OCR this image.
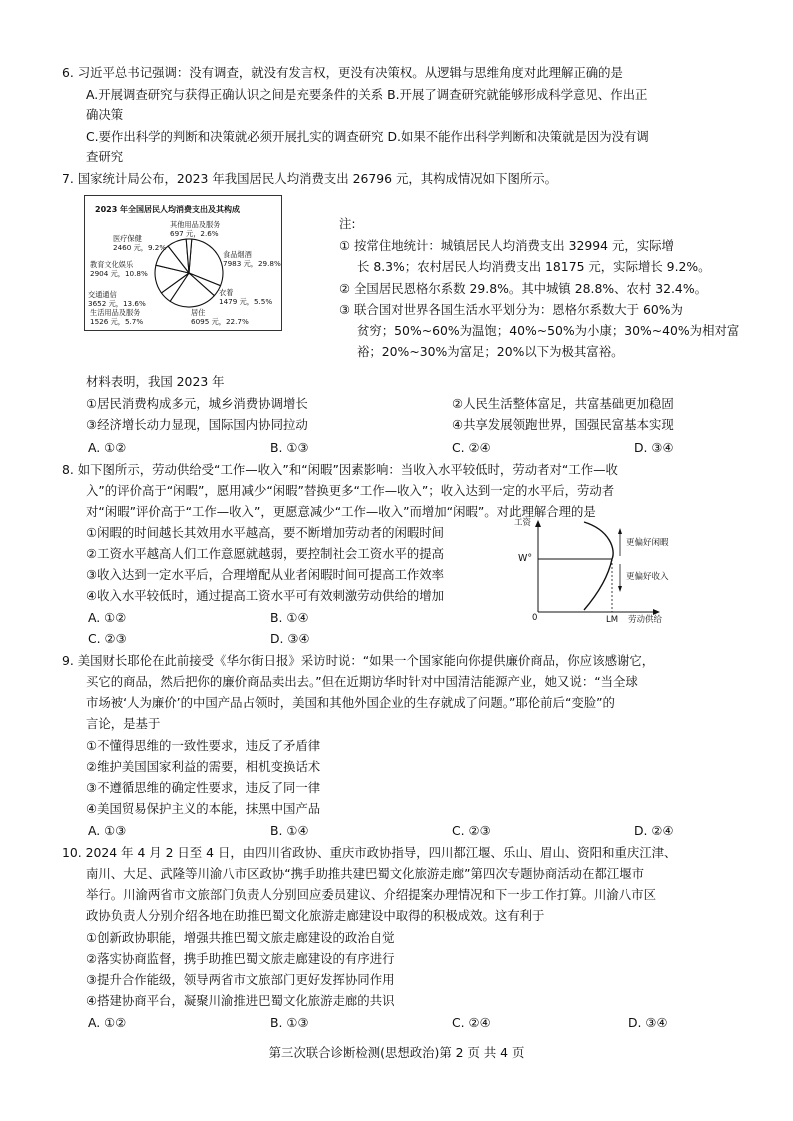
6. 习近平总书记强调：没有调查，就没有发言权，更没有决策权。从逻辑与思维角度对此理解正确的是
A.开展调查研究与获得正确认识之间是充要条件的关系 B.开展了调查研究就能够形成科学意见、作出正
确决策
C.要作出科学的判断和决策就必须开展扎实的调查研究 D.如果不能作出科学判断和决策就是因为没有调
查研究
7. 国家统计局公布，2023 年我国居民人均消费支出 26796 元，其构成情况如下图所示。
2023 年全国居民人均消费支出及其构成
其他用品及服务
697 元，2.6%
医疗保健
2460 元，9.2%
教育文化娱乐
2904 元，10.8%
食品烟酒
7983 元，29.8%
交通通信
3652 元，13.6%
衣着
1479 元，5.5%
生活用品及服务
1526 元，5.7%
居住
6095 元，22.7%
注:
① 按常住地统计：城镇居民人均消费支出 32994 元，实际增
长 8.3%；农村居民人均消费支出 18175 元，实际增长 9.2%。
② 全国居民恩格尔系数 29.8%。其中城镇 28.8%、农村 32.4%。
③ 联合国对世界各国生活水平划分为：恩格尔系数大于 60%为
贫穷；50%~60%为温饱；40%~50%为小康；30%~40%为相对富
裕；20%~30%为富足；20%以下为极其富裕。
材料表明，我国 2023 年
①居民消费构成多元，城乡消费协调增长	②人民生活整体富足，共富基础更加稳固
③经济增长动力显现，国际国内协同拉动	④共享发展领跑世界，国强民富基本实现
A. ①②	B. ①③	C. ②④	D. ③④
8. 如下图所示，劳动供给受“工作—收入”和“闲暇”因素影响：当收入水平较低时，劳动者对“工作—收
入”的评价高于“闲暇”，愿用减少“闲暇”替换更多“工作—收入”；收入达到一定的水平后，劳动者
对“闲暇”评价高于“工作—收入”，更愿意减少“工作—收入”而增加“闲暇”。对此理解合理的是
①闲暇的时间越长其效用水平越高，要不断增加劳动者的闲暇时间
②工资水平越高人们工作意愿就越弱，要控制社会工资水平的提高
③收入达到一定水平后，合理增配从业者闲暇时间可提高工作效率
④收入水平较低时，通过提高工资水平可有效刺激劳动供给的增加
A. ①②	B. ①④
C. ②③	D. ③④
工资
W°
更偏好闲暇
更偏好收入
0	LM 劳动供给
9. 美国财长耶伦在此前接受《华尔街日报》采访时说：“如果一个国家能向你提供廉价商品，你应该感谢它，
买它的商品，然后把你的廉价商品卖出去。”但在近期访华时针对中国清洁能源产业，她又说：“当全球
市场被‘人为廉价’的中国产品占领时，美国和其他外国企业的生存就成了问题。”耶伦前后“变脸”的
言论，是基于
①不懂得思维的一致性要求，违反了矛盾律
②维护美国国家利益的需要，相机变换话术
③不遵循思维的确定性要求，违反了同一律
④美国贸易保护主义的本能，抹黑中国产品
A. ①③	B. ①④	C. ②③	D. ②④
10. 2024 年 4 月 2 日至 4 日，由四川省政协、重庆市政协指导，四川都江堰、乐山、眉山、资阳和重庆江津、
南川、大足、武隆等川渝八市区政协“携手助推共建巴蜀文化旅游走廊”第四次专题协商活动在都江堰市
举行。川渝两省市文旅部门负责人分别回应委员建议、介绍提案办理情况和下一步工作打算。川渝八市区
政协负责人分别介绍各地在助推巴蜀文化旅游走廊建设中取得的积极成效。这有利于
①创新政协职能，增强共推巴蜀文旅走廊建设的政治自觉
②落实协商监督，携手助推巴蜀文旅走廊建设的有序进行
③提升合作能级，领导两省市文旅部门更好发挥协同作用
④搭建协商平台，凝聚川渝推进巴蜀文化旅游走廊的共识
A. ①②	B. ①③	C. ②④	D. ③④
第三次联合诊断检测(思想政治)第 2 页 共 4 页
